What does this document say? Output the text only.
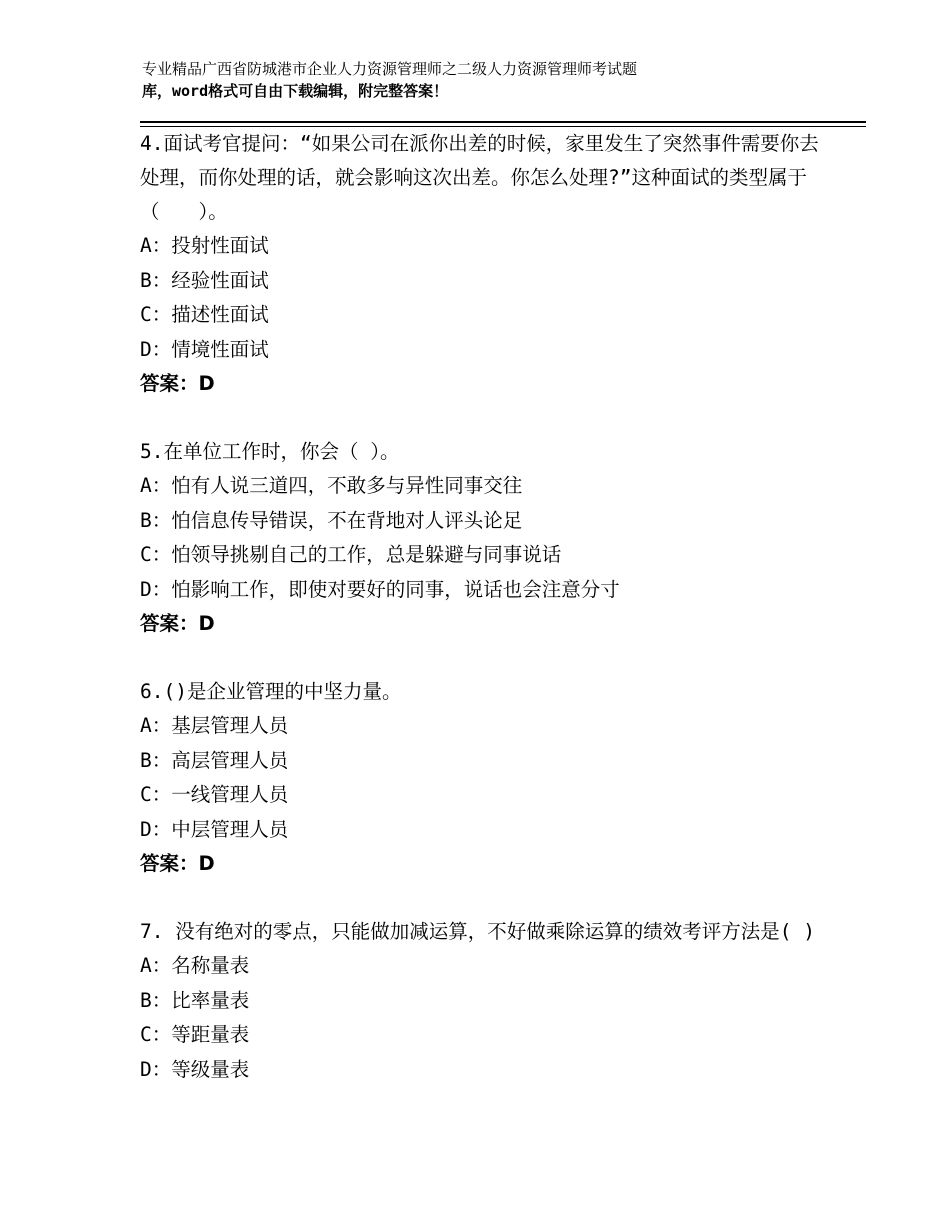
专业精品广西省防城港市企业人力资源管理师之二级人力资源管理师考试题
库，word格式可自由下载编辑，附完整答案！
4.面试考官提问：“如果公司在派你出差的时候，家里发生了突然事件需要你去处理，而你处理的话，就会影响这次出差。你怎么处理?”这种面试的类型属于（　　）。
A：投射性面试
B：经验性面试
C：描述性面试
D：情境性面试
答案：D
5.在单位工作时，你会（ ）。
A：怕有人说三道四，不敢多与异性同事交往
B：怕信息传导错误，不在背地对人评头论足
C：怕领导挑剔自己的工作，总是躲避与同事说话
D：怕影响工作，即使对要好的同事，说话也会注意分寸
答案：D
6.()是企业管理的中坚力量。
A：基层管理人员
B：高层管理人员
C：一线管理人员
D：中层管理人员
答案：D
7. 没有绝对的零点，只能做加减运算，不好做乘除运算的绩效考评方法是( )
A：名称量表
B：比率量表
C：等距量表
D：等级量表
